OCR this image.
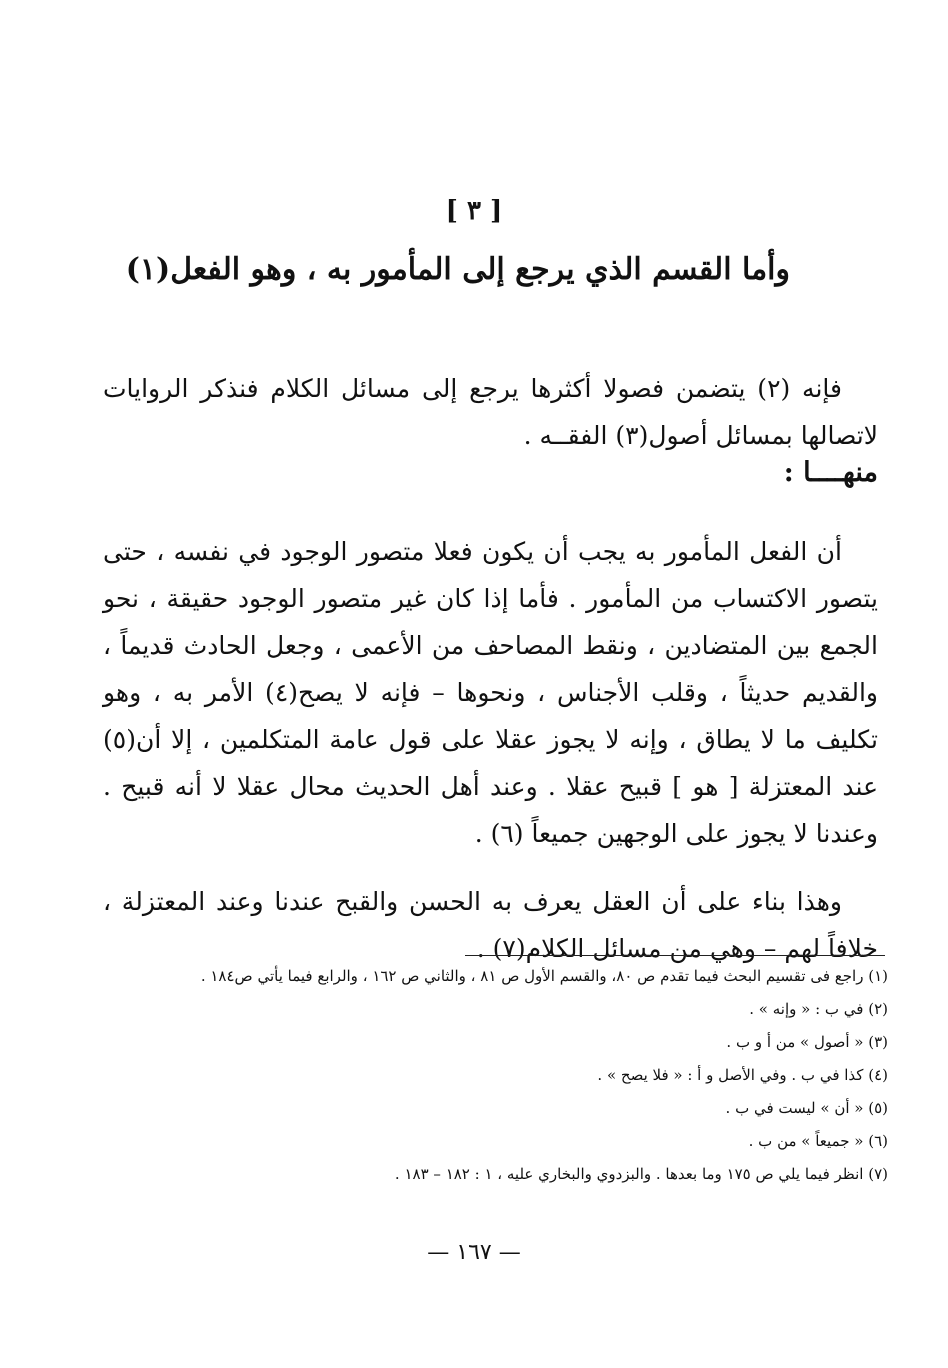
[ ٣ ]
وأما القسم الذي يرجع إلى المأمور به ، وهو الفعل(١)

فإنه (٢) يتضمن فصولا أكثرها يرجع إلى مسائل الكلام فنذكر الروايات لاتصالها بمسائل أصول(٣) الفقــه .

منهــــا :

أن الفعل المأمور به يجب أن يكون فعلا متصور الوجود في نفسه ، حتى يتصور الاكتساب من المأمور . فأما إذا كان غير متصور الوجود حقيقة ، نحو الجمع بين المتضادين ، ونقط المصاحف من الأعمى ، وجعل الحادث قديماً ، والقديم حديثاً ، وقلب الأجناس ، ونحوها – فإنه لا يصح(٤) الأمر به ، وهو تكليف ما لا يطاق ، وإنه لا يجوز عقلا على قول عامة المتكلمين ، إلا أن(٥) عند المعتزلة [ هو ] قبيح عقلا . وعند أهل الحديث محال عقلا لا أنه قبيح . وعندنا لا يجوز على الوجهين جميعاً (٦) .

وهذا بناء على أن العقل يعرف به الحسن والقبح عندنا وعند المعتزلة ، خلافاً لهم – وهي من مسائل الكلام(٧) .

(١) راجع فى تقسيم البحث فيما تقدم ص ٨٠، والقسم الأول ص ٨١ ، والثاني ص ١٦٢ ، والرابع فيما يأتي ص١٨٤ .
(٢) في ب : « وإنه » .
(٣) « أصول » من أ و ب .
(٤) كذا في ب . وفي الأصل و أ : « فلا يصح » .
(٥) « أن » ليست في ب .
(٦) « جميعاً » من ب .
(٧) انظر فيما يلي ص ١٧٥ وما بعدها . والبزدوي والبخاري عليه ، ١ : ١٨٢ – ١٨٣ .
— ١٦٧ —
